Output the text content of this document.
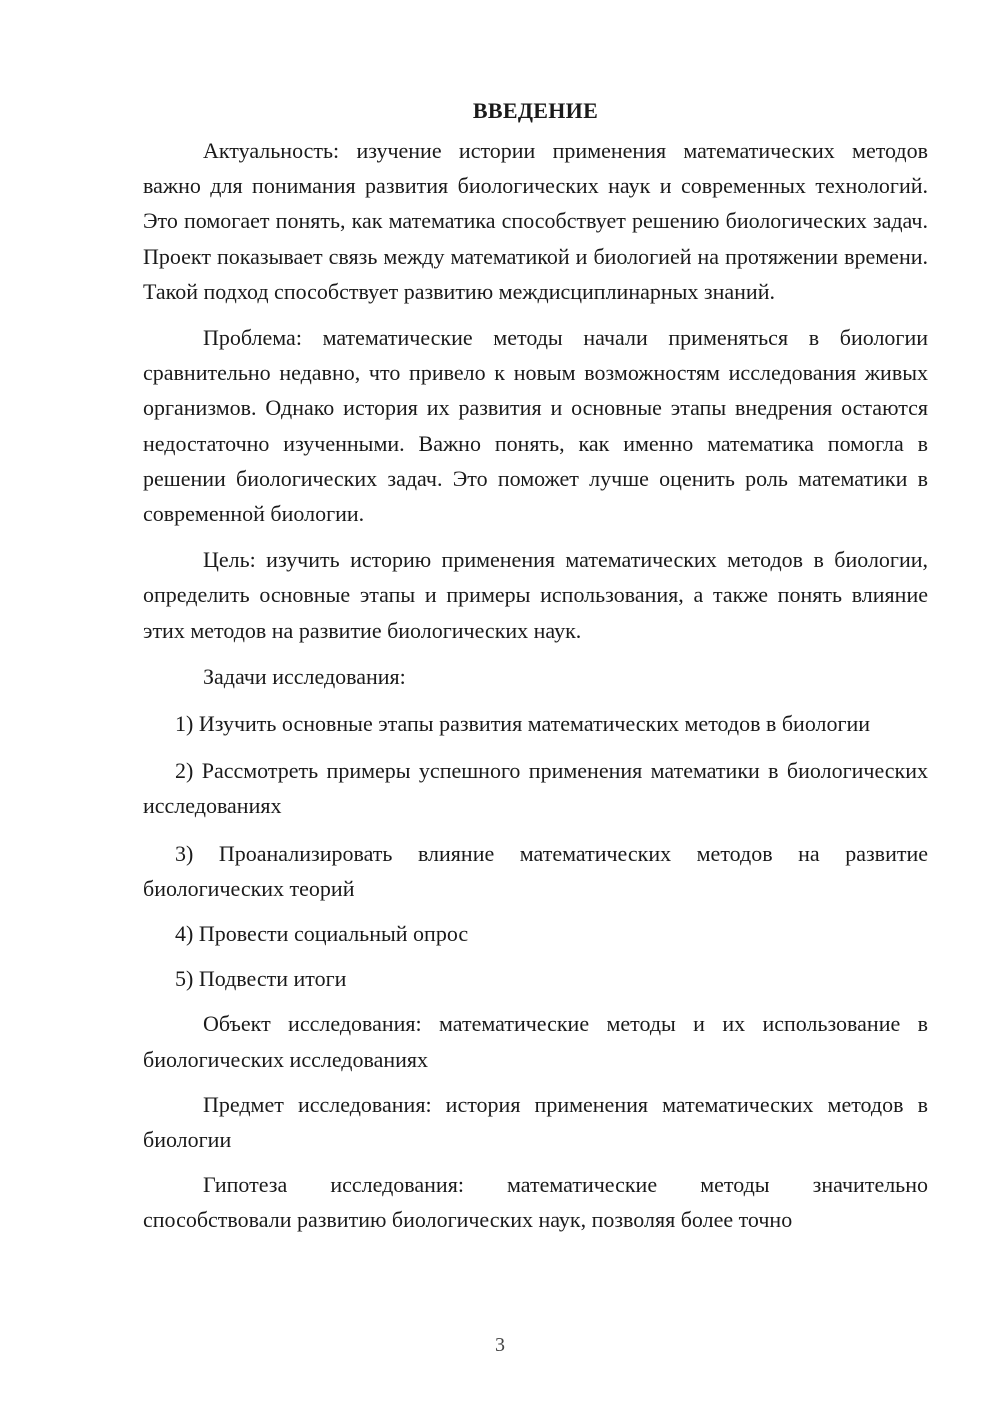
ВВЕДЕНИЕ

Актуальность: изучение истории применения математических методов важно для понимания развития биологических наук и современных технологий. Это помогает понять, как математика способствует решению биологических задач. Проект показывает связь между математикой и биологией на протяжении времени. Такой подход способствует развитию междисциплинарных знаний.

Проблема: математические методы начали применяться в биологии сравнительно недавно, что привело к новым возможностям исследования живых организмов. Однако история их развития и основные этапы внедрения остаются недостаточно изученными. Важно понять, как именно математика помогла в решении биологических задач. Это поможет лучше оценить роль математики в современной биологии.

Цель: изучить историю применения математических методов в биологии, определить основные этапы и примеры использования, а также понять влияние этих методов на развитие биологических наук.

Задачи исследования:

1) Изучить основные этапы развития математических методов в биологии

2) Рассмотреть примеры успешного применения математики в биологических исследованиях

3) Проанализировать влияние математических методов на развитие биологических теорий

4) Провести социальный опрос

5) Подвести итоги

Объект исследования: математические методы и их использование в биологических исследованиях

Предмет исследования: история применения математических методов в биологии

Гипотеза исследования: математические методы значительно способствовали развитию биологических наук, позволяя более точно

3
